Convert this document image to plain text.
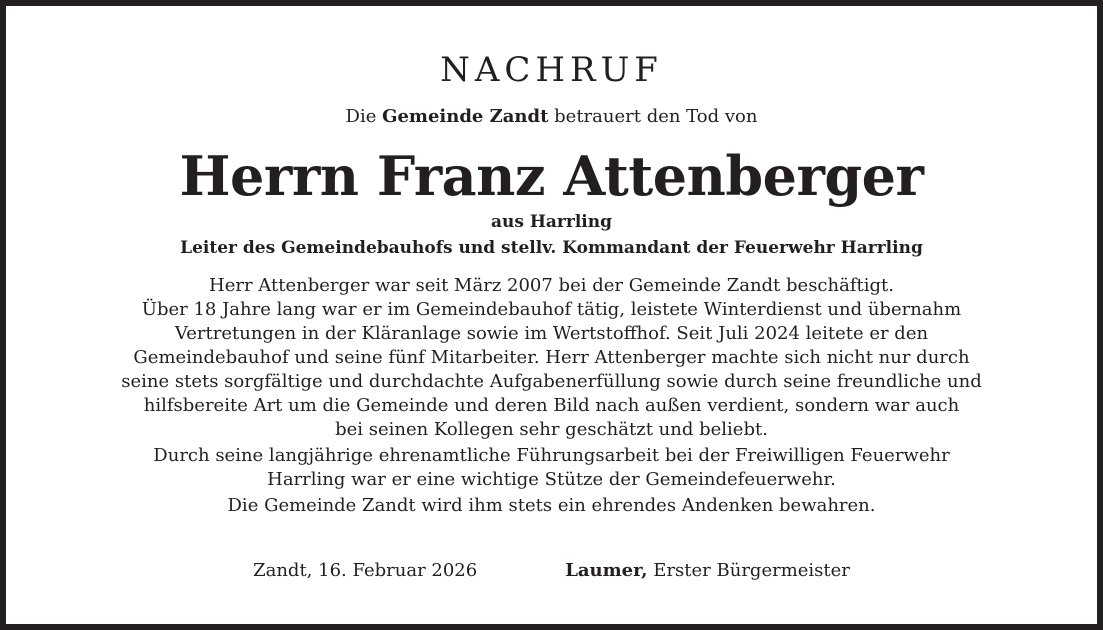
NACHRUF
Die Gemeinde Zandt betrauert den Tod von
Herrn Franz Attenberger
aus Harrling
Leiter des Gemeindebauhofs und stellv. Kommandant der Feuerwehr Harrling

Herr Attenberger war seit März 2007 bei der Gemeinde Zandt beschäftigt.
Über 18 Jahre lang war er im Gemeindebauhof tätig, leistete Winterdienst und übernahm
Vertretungen in der Kläranlage sowie im Wertstoffhof. Seit Juli 2024 leitete er den
Gemeindebauhof und seine fünf Mitarbeiter. Herr Attenberger machte sich nicht nur durch
seine stets sorgfältige und durchdachte Aufgabenerfüllung sowie durch seine freundliche und
hilfsbereite Art um die Gemeinde und deren Bild nach außen verdient, sondern war auch
bei seinen Kollegen sehr geschätzt und beliebt.

Durch seine langjährige ehrenamtliche Führungsarbeit bei der Freiwilligen Feuerwehr
Harrling war er eine wichtige Stütze der Gemeindefeuerwehr.

Die Gemeinde Zandt wird ihm stets ein ehrendes Andenken bewahren.

Zandt, 16. Februar 2026	Laumer, Erster Bürgermeister
